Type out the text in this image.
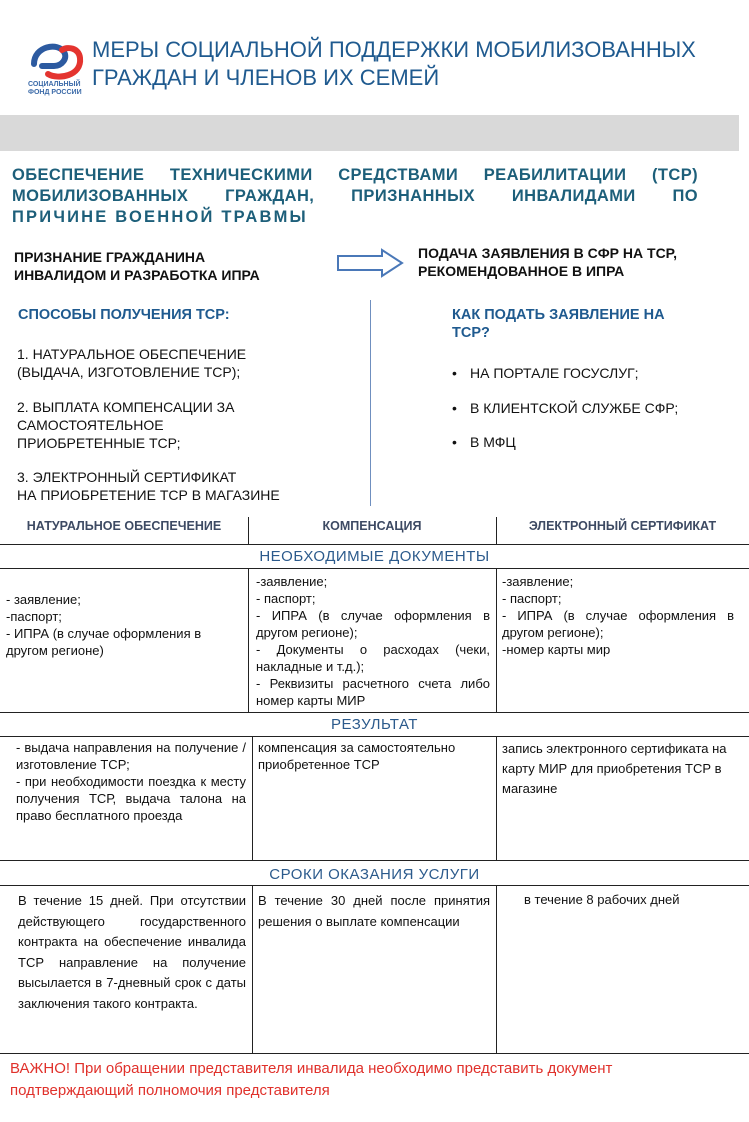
СОЦИАЛЬНЫЙ
ФОНД РОССИИ
МЕРЫ СОЦИАЛЬНОЙ ПОДДЕРЖКИ МОБИЛИЗОВАННЫХ
ГРАЖДАН И ЧЛЕНОВ ИХ СЕМЕЙ
ОБЕСПЕЧЕНИЕ ТЕХНИЧЕСКИМИ СРЕДСТВАМИ РЕАБИЛИТАЦИИ (ТСР)
МОБИЛИЗОВАННЫХ ГРАЖДАН, ПРИЗНАННЫХ ИНВАЛИДАМИ ПО
ПРИЧИНЕ ВОЕННОЙ ТРАВМЫ
ПРИЗНАНИЕ ГРАЖДАНИНА
ИНВАЛИДОМ И РАЗРАБОТКА ИПРА
ПОДАЧА ЗАЯВЛЕНИЯ В СФР НА ТСР,
РЕКОМЕНДОВАННОЕ В ИПРА
СПОСОБЫ ПОЛУЧЕНИЯ ТСР:
1. НАТУРАЛЬНОЕ ОБЕСПЕЧЕНИЕ
(ВЫДАЧА, ИЗГОТОВЛЕНИЕ ТСР);
2. ВЫПЛАТА КОМПЕНСАЦИИ ЗА
САМОСТОЯТЕЛЬНОЕ
ПРИОБРЕТЕННЫЕ ТСР;
3. ЭЛЕКТРОННЫЙ СЕРТИФИКАТ
НА ПРИОБРЕТЕНИЕ ТСР В МАГАЗИНЕ
КАК ПОДАТЬ ЗАЯВЛЕНИЕ НА
ТСР?
• НА ПОРТАЛЕ ГОСУСЛУГ;
• В КЛИЕНТСКОЙ СЛУЖБЕ СФР;
• В МФЦ
НАТУРАЛЬНОЕ ОБЕСПЕЧЕНИЕ	КОМПЕНСАЦИЯ	ЭЛЕКТРОННЫЙ СЕРТИФИКАТ
НЕОБХОДИМЫЕ ДОКУМЕНТЫ
- заявление;
-паспорт;
- ИПРА (в случае оформления в другом регионе)
-заявление;
- паспорт;
- ИПРА (в случае оформления в другом регионе);
- Документы о расходах (чеки, накладные и т.д.);
- Реквизиты расчетного счета либо номер карты МИР
-заявление;
- паспорт;
- ИПРА (в случае оформления в другом регионе);
-номер карты мир
РЕЗУЛЬТАТ
- выдача направления на получение / изготовление ТСР;
- при необходимости поездка к месту получения ТСР, выдача талона на право бесплатного проезда
компенсация за самостоятельно приобретенное ТСР
запись электронного сертификата на карту МИР для приобретения ТСР в магазине
СРОКИ ОКАЗАНИЯ УСЛУГИ
В течение 15 дней. При отсутствии действующего государственного контракта на обеспечение инвалида ТСР направление на получение высылается в 7-дневный срок с даты заключения такого контракта.
В течение 30 дней после принятия решения о выплате компенсации
в течение 8 рабочих дней
ВАЖНО! При обращении представителя инвалида необходимо представить документ
подтверждающий полномочия представителя
